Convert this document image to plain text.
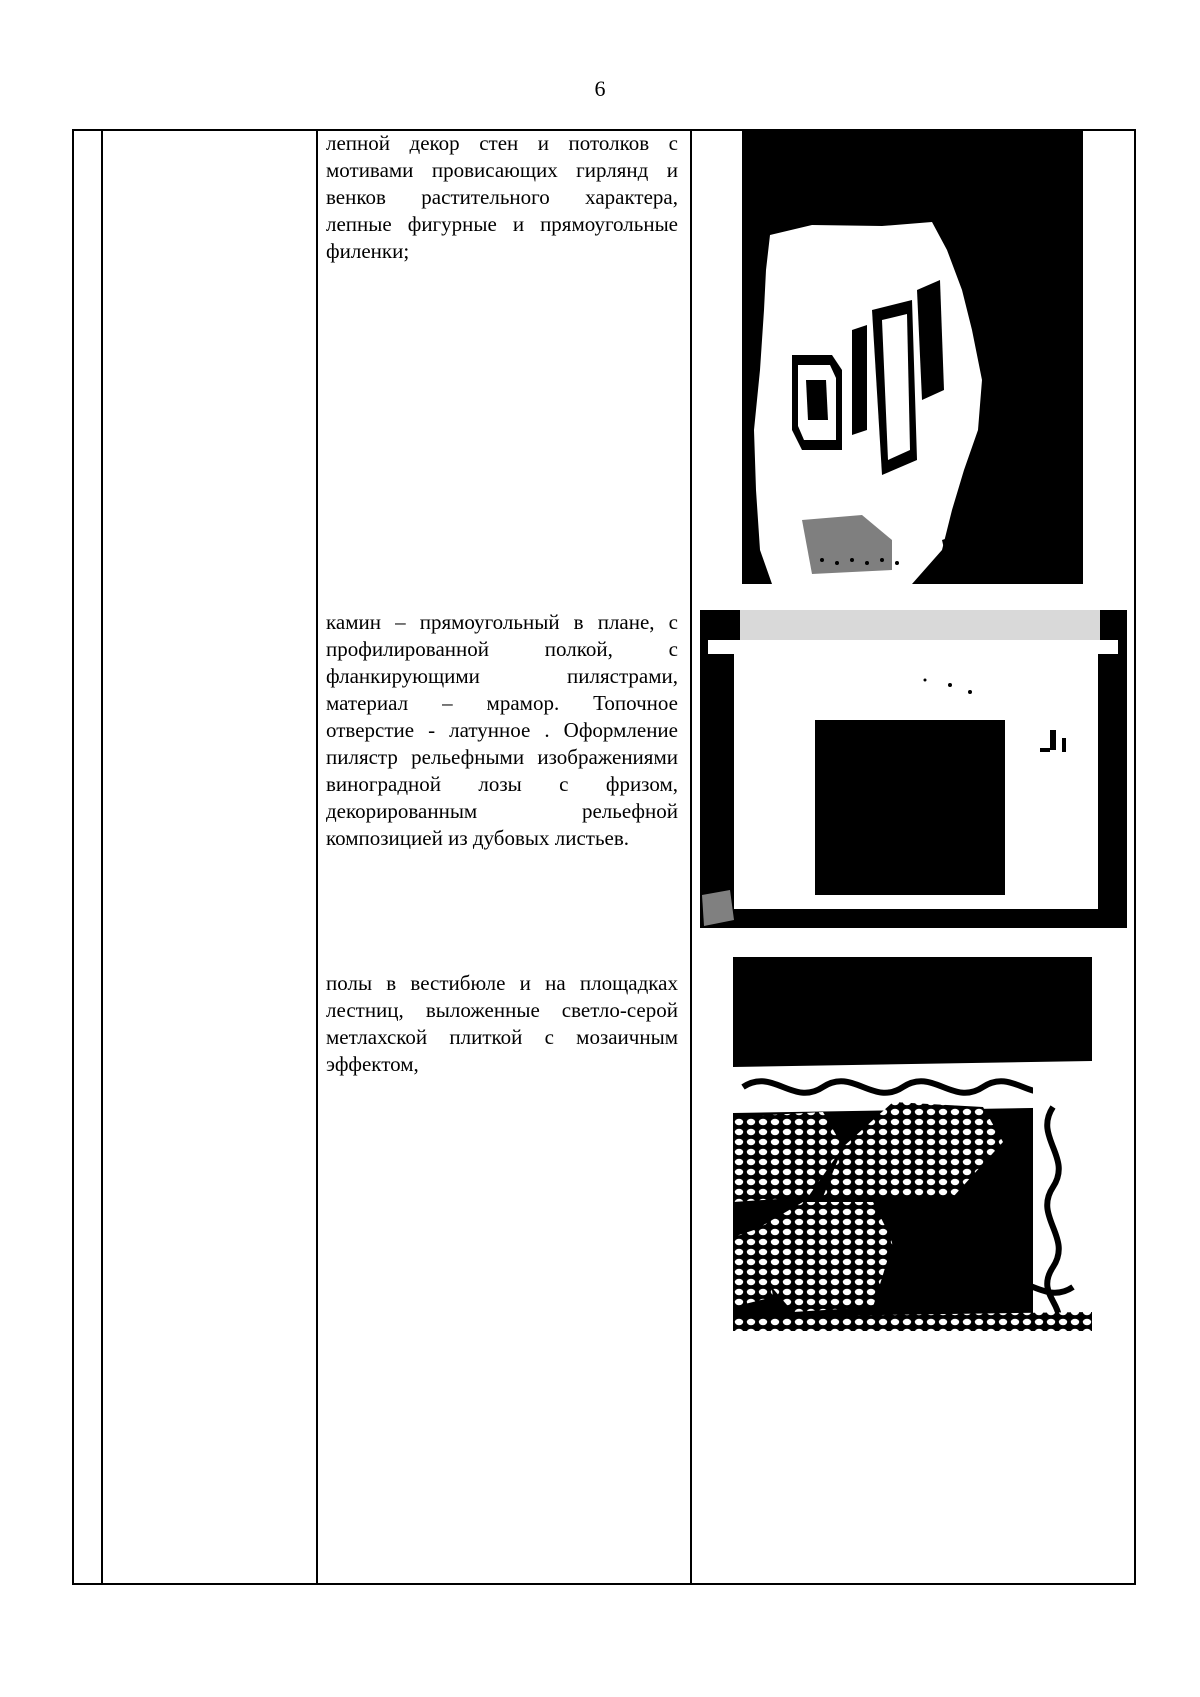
6

лепной декор стен и потолков с мотивами провисающих гирлянд и венков растительного характера, лепные фигурные и прямоугольные филенки;

камин – прямоугольный в плане, с профилированной полкой, с фланкирующими пилястрами, материал – мрамор. Топочное отверстие - латунное . Оформление пилястр рельефными изображениями виноградной лозы с фризом, декорированным рельефной композицией из дубовых листьев.

полы в вестибюле и на площадках лестниц, выложенные светло-серой метлахской плиткой с мозаичным эффектом,
